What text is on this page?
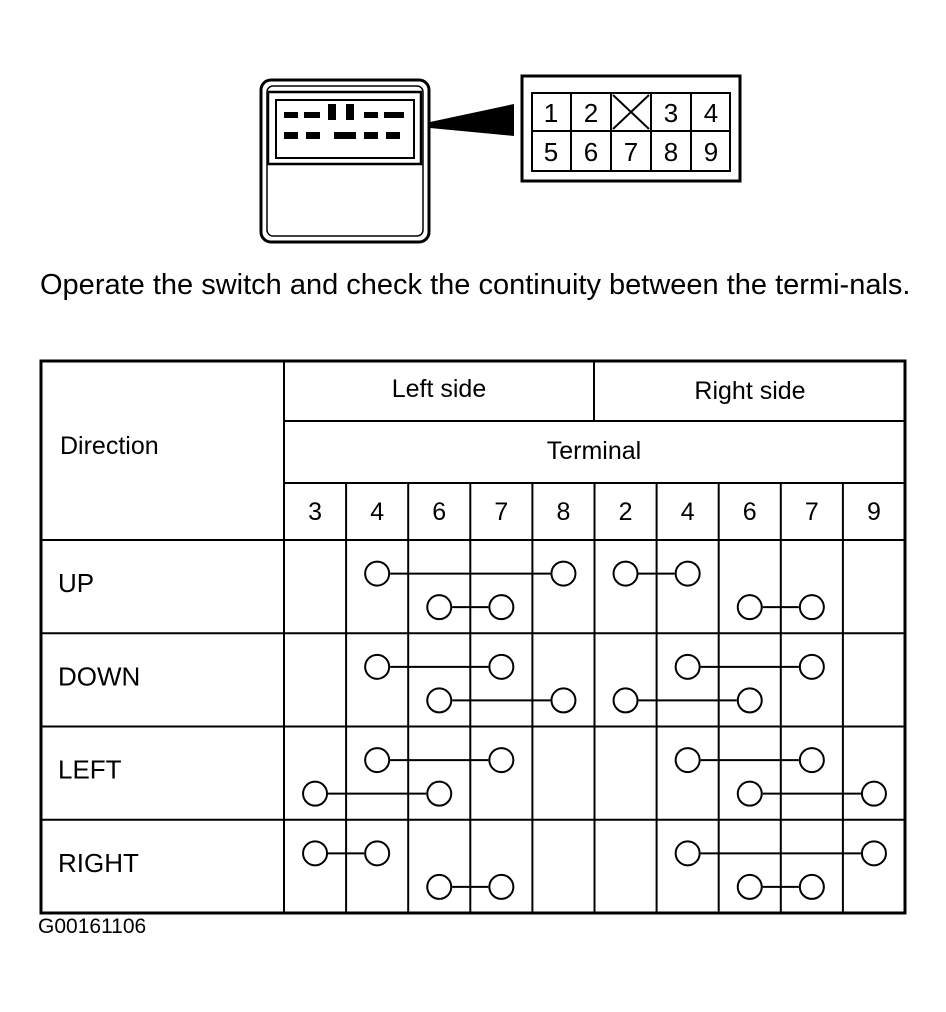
1 2	3 4
5 6 7 8 9

Operate the switch and check the continuity between the termi-nals.

Direction
Left side	Right side
Terminal
3 4 6 7 8 2 4 6 7 9
UP
DOWN
LEFT
RIGHT
G00161106
